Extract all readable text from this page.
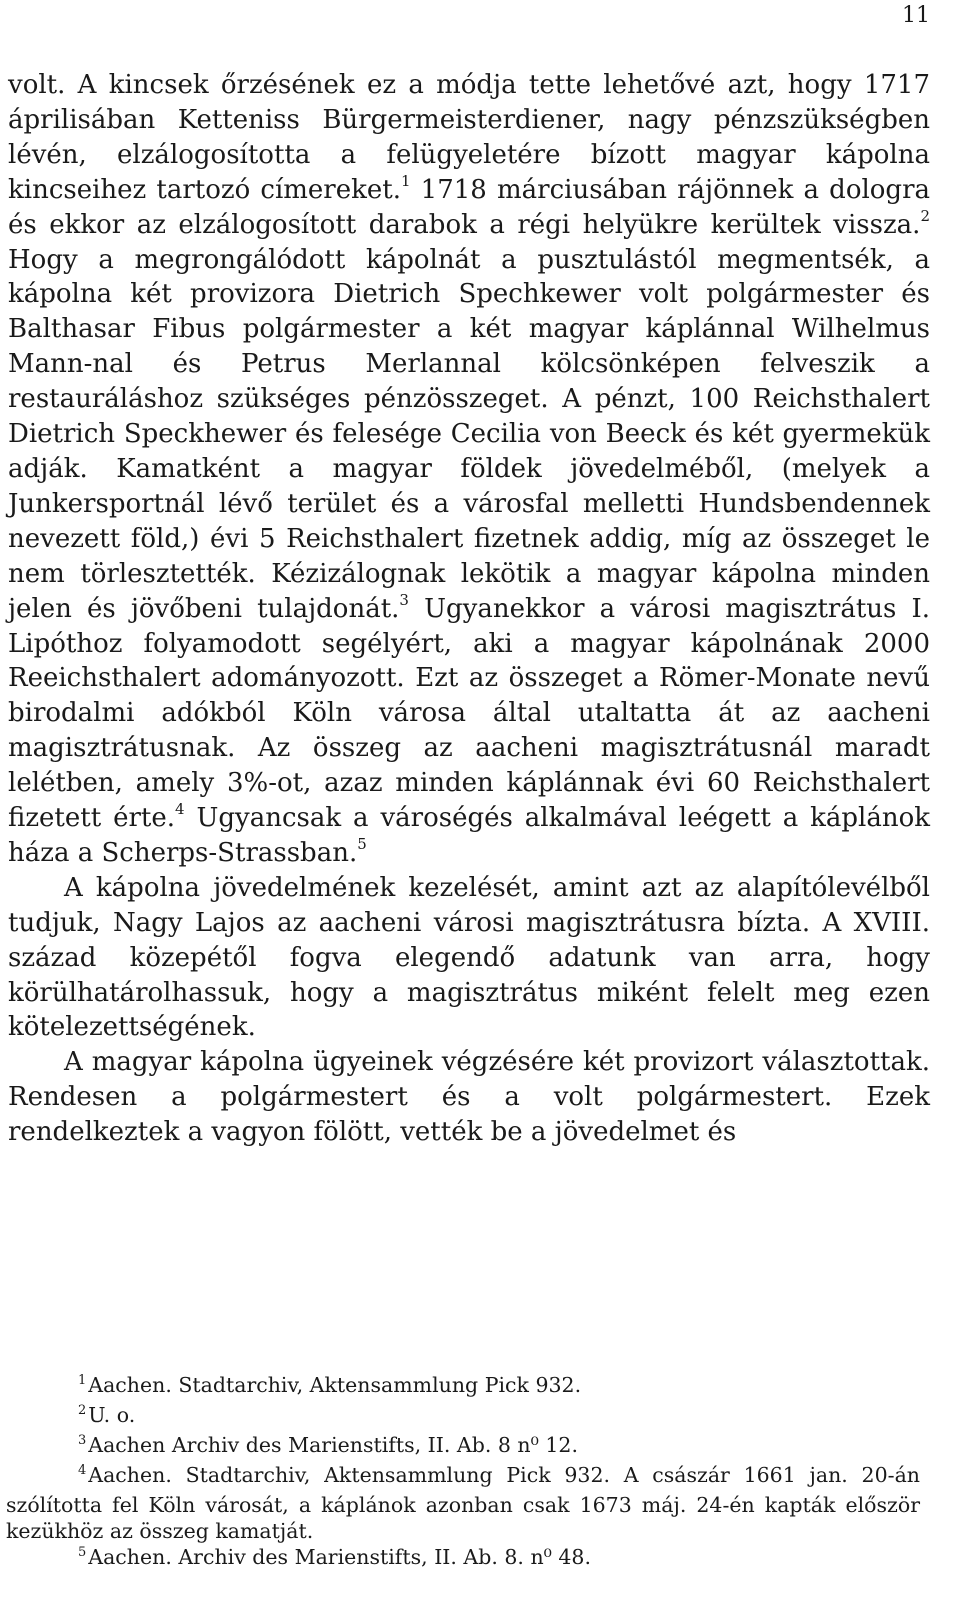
11

volt. A kincsek őrzésének ez a módja tette lehetővé azt, hogy 1717 áprilisában Ketteniss Bürgermeisterdiener, nagy pénzszükségben lévén, elzálogosította a felügyeletére bízott magyar kápolna kincseihez tartozó címereket.$^1$ 1718 márciusában rájönnek a dologra és ekkor az elzálogosított darabok a régi helyükre kerültek vissza.$^2$ Hogy a megrongálódott kápolnát a pusztulástól megmentsék, a kápolna két provizora Dietrich Spechkewer volt polgármester és Balthasar Fibus polgármester a két magyar káplánnal Wilhelmus Mann-nal és Petrus Merlannal kölcsönképen felveszik a restauráláshoz szükséges pénzösszeget. A pénzt, 100 Reichsthalert Dietrich Speckhewer és felesége Cecilia von Beeck és két gyermekük adják. Kamatként a magyar földek jövedelméből, (melyek a Junkersportnál lévő terület és a városfal melletti Hundsbendennek nevezett föld,) évi 5 Reichsthalert fizetnek addig, míg az összeget le nem törlesztették. Kézizálognak lekötik a magyar kápolna minden jelen és jövőbeni tulajdonát.$^3$ Ugyanekkor a városi magisztrátus I. Lipóthoz folyamodott segélyért, aki a magyar kápolnának 2000 Reeichsthalert adományozott. Ezt az összeget a Römer-Monate nevű birodalmi adókból Köln városa által utaltatta át az aacheni magisztrátusnak. Az összeg az aacheni magisztrátusnál maradt lelétben, amely 3%-ot, azaz minden káplánnak évi 60 Reichsthalert fizetett érte.$^4$ Ugyancsak a városégés alkalmával leégett a káplánok háza a Scherps-Strassban.$^5$

A kápolna jövedelmének kezelését, amint azt az alapítólevélből tudjuk, Nagy Lajos az aacheni városi magisztrátusra bízta. A XVIII. század közepétől fogva elegendő adatunk van arra, hogy körülhatárolhassuk, hogy a magisztrátus miként felelt meg ezen kötelezettségének.

A magyar kápolna ügyeinek végzésére két provizort választottak. Rendesen a polgármestert és a volt polgármestert. Ezek rendelkeztek a vagyon fölött, vették be a jövedelmet és

$^1$Aachen. Stadtarchiv, Aktensammlung Pick 932.

$^2$U. o.

$^3$Aachen Archiv des Marienstifts, II. Ab. 8 n⁰ 12.

$^4$Aachen. Stadtarchiv, Aktensammlung Pick 932. A császár 1661 jan. 20-án szólította fel Köln városát, a káplánok azonban csak 1673 máj. 24-én kapták először kezükhöz az összeg kamatját.

$^5$Aachen. Archiv des Marienstifts, II. Ab. 8. n⁰ 48.
